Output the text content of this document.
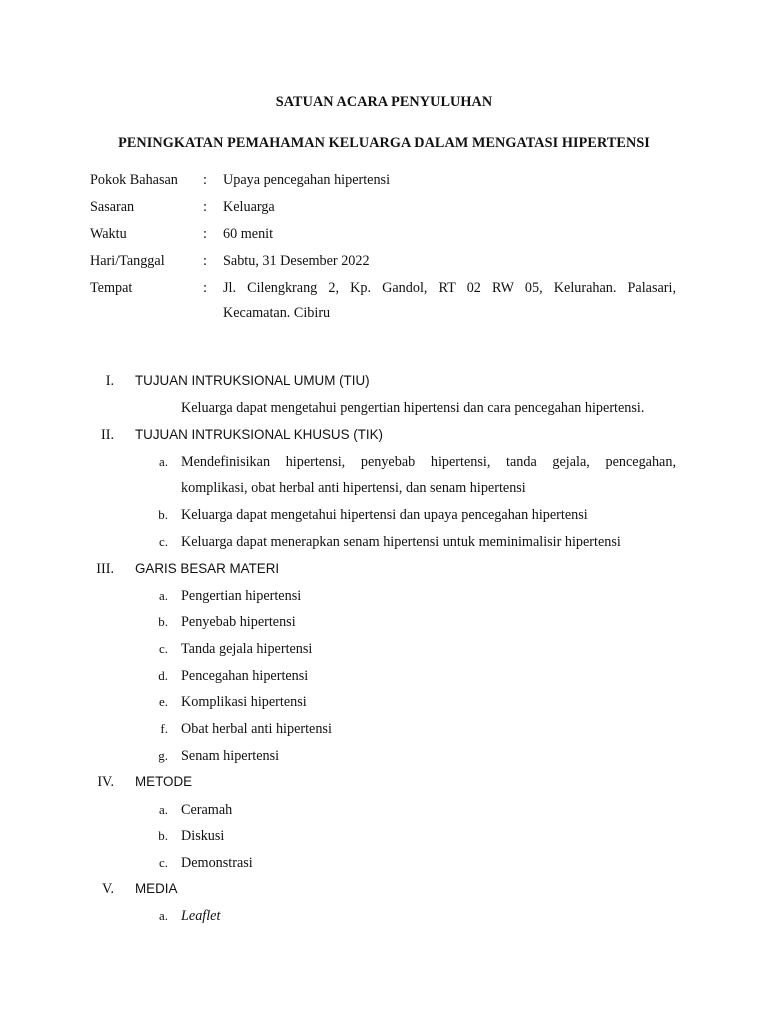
SATUAN ACARA PENYULUHAN
PENINGKATAN PEMAHAMAN KELUARGA DALAM MENGATASI HIPERTENSI
Pokok Bahasan : Upaya pencegahan hipertensi
Sasaran	: Keluarga
Waktu	: 60 menit
Hari/Tanggal	: Sabtu, 31 Desember 2022
Tempat	: Jl. Cilengkrang 2, Kp. Gandol, RT 02 RW 05, Kelurahan. Palasari,
Kecamatan. Cibiru
I. TUJUAN INTRUKSIONAL UMUM (TIU)
Keluarga dapat mengetahui pengertian hipertensi dan cara pencegahan hipertensi.
II. TUJUAN INTRUKSIONAL KHUSUS (TIK)
a. Mendefinisikan hipertensi, penyebab hipertensi, tanda gejala, pencegahan,
komplikasi, obat herbal anti hipertensi, dan senam hipertensi
b. Keluarga dapat mengetahui hipertensi dan upaya pencegahan hipertensi
c. Keluarga dapat menerapkan senam hipertensi untuk meminimalisir hipertensi
III. GARIS BESAR MATERI
a. Pengertian hipertensi
b. Penyebab hipertensi
c. Tanda gejala hipertensi
d. Pencegahan hipertensi
e. Komplikasi hipertensi
f. Obat herbal anti hipertensi
g. Senam hipertensi
IV. METODE
a. Ceramah
b. Diskusi
c. Demonstrasi
V. MEDIA
a. Leaflet
